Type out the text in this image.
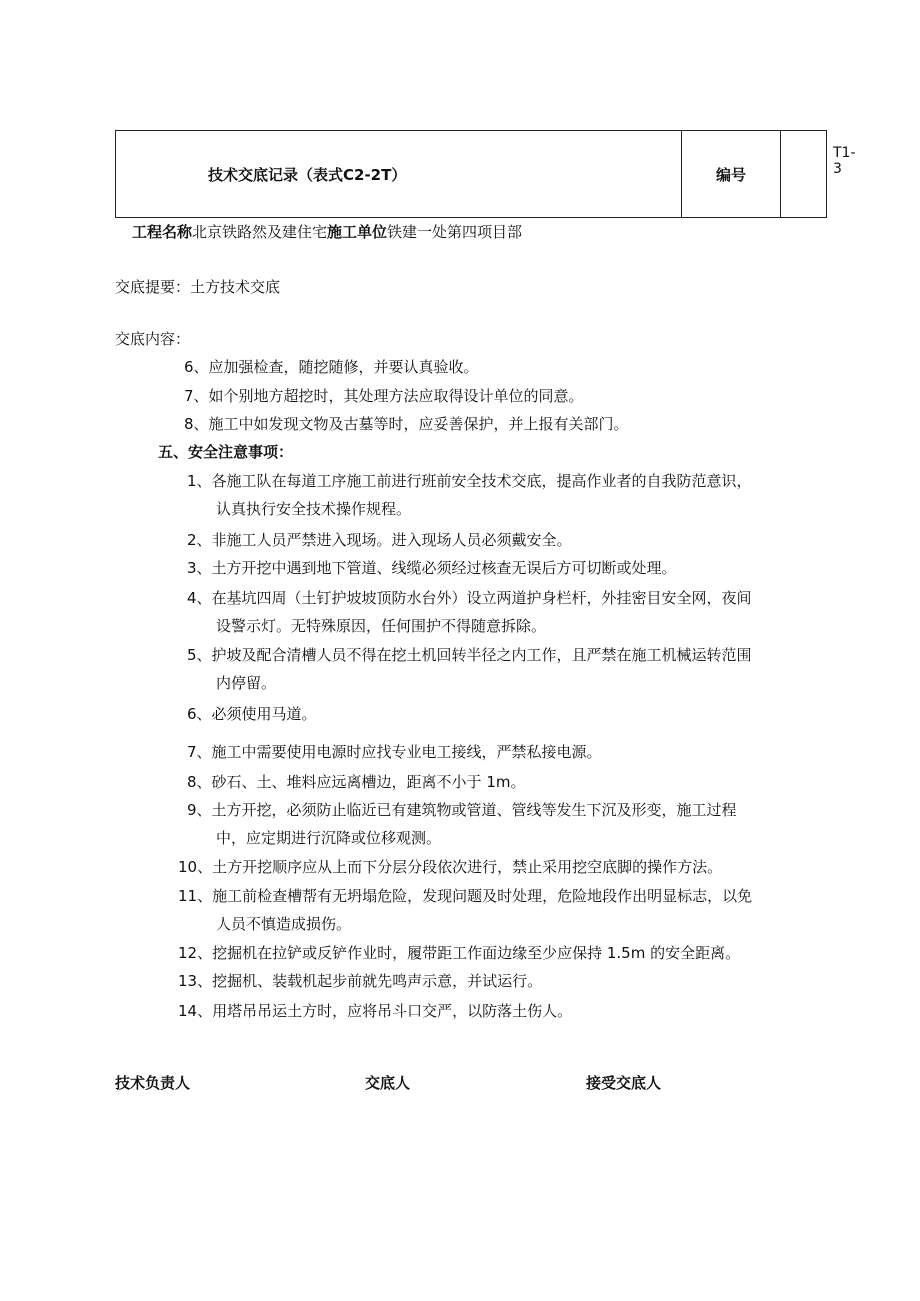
技术交底记录（表式C2-2T）	编号	
T1-3
工程名称北京铁路然及建住宅施工单位铁建一处第四项目部
交底提要：土方技术交底
交底内容：
6、应加强检查，随挖随修，并要认真验收。
7、如个别地方超挖时，其处理方法应取得设计单位的同意。
8、施工中如发现文物及古墓等时，应妥善保护，并上报有关部门。
五、安全注意事项：
1、各施工队在每道工序施工前进行班前安全技术交底，提高作业者的自我防范意识，
认真执行安全技术操作规程。
2、非施工人员严禁进入现场。进入现场人员必须戴安全。
3、土方开挖中遇到地下管道、线缆必须经过核查无误后方可切断或处理。
4、在基坑四周（土钉护坡坡顶防水台外）设立两道护身栏杆，外挂密目安全网，夜间
设警示灯。无特殊原因，任何围护不得随意拆除。
5、护坡及配合清槽人员不得在挖土机回转半径之内工作，且严禁在施工机械运转范围
内停留。
6、必须使用马道。
7、施工中需要使用电源时应找专业电工接线，严禁私接电源。
8、砂石、土、堆料应远离槽边，距离不小于 1m。
9、土方开挖，必须防止临近已有建筑物或管道、管线等发生下沉及形变，施工过程
中，应定期进行沉降或位移观测。
10、土方开挖顺序应从上而下分层分段依次进行，禁止采用挖空底脚的操作方法。
11、施工前检查槽帮有无坍塌危险，发现问题及时处理，危险地段作出明显标志，以免
人员不慎造成损伤。
12、挖掘机在拉铲或反铲作业时，履带距工作面边缘至少应保持 1.5m 的安全距离。
13、挖掘机、装载机起步前就先鸣声示意，并试运行。
14、用塔吊吊运土方时，应将吊斗口交严，以防落土伤人。
技术负责人	交底人	接受交底人
